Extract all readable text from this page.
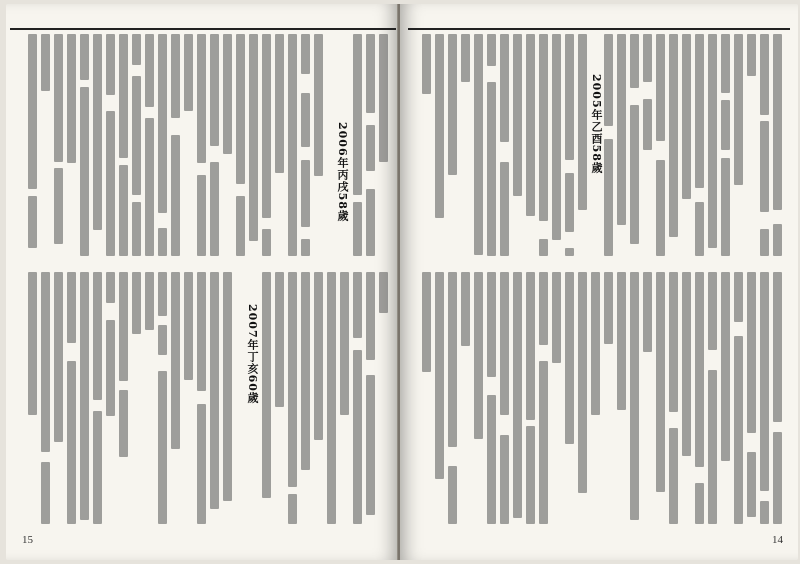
2006年丙戌58歲
2007年丁亥60歲
15
2005年乙酉58歲
14
